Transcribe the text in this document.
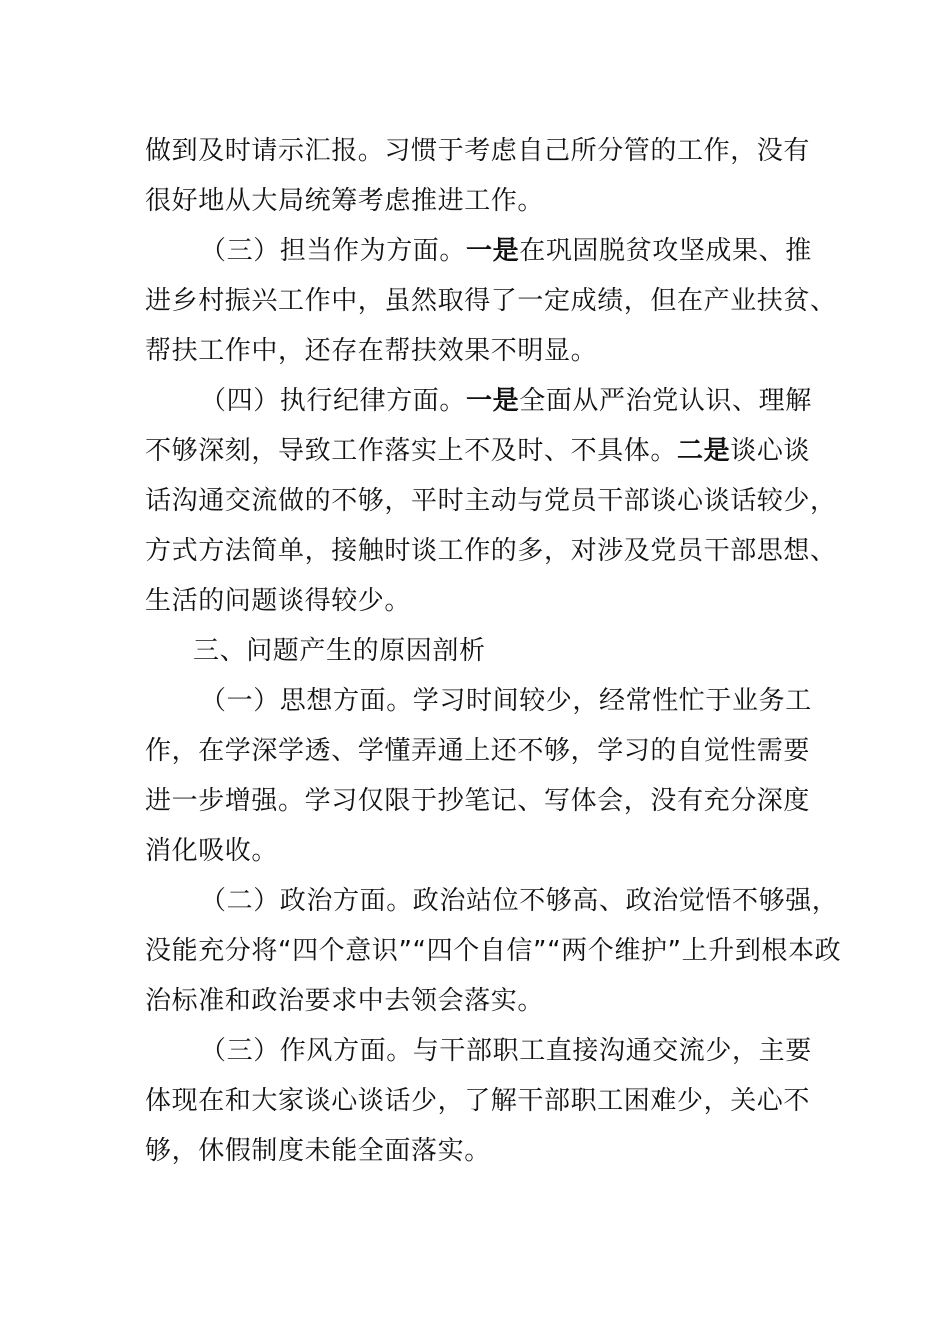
做到及时请示汇报。习惯于考虑自己所分管的工作，没有
很好地从大局统筹考虑推进工作。
（三）担当作为方面。一是在巩固脱贫攻坚成果、推
进乡村振兴工作中，虽然取得了一定成绩，但在产业扶贫、
帮扶工作中，还存在帮扶效果不明显。
（四）执行纪律方面。一是全面从严治党认识、理解
不够深刻，导致工作落实上不及时、不具体。二是谈心谈
话沟通交流做的不够，平时主动与党员干部谈心谈话较少，
方式方法简单，接触时谈工作的多，对涉及党员干部思想、
生活的问题谈得较少。
三、问题产生的原因剖析
（一）思想方面。学习时间较少，经常性忙于业务工
作，在学深学透、学懂弄通上还不够，学习的自觉性需要
进一步增强。学习仅限于抄笔记、写体会，没有充分深度
消化吸收。
（二）政治方面。政治站位不够高、政治觉悟不够强，
没能充分将“四个意识”“四个自信”“两个维护”上升到根本政
治标准和政治要求中去领会落实。
（三）作风方面。与干部职工直接沟通交流少，主要
体现在和大家谈心谈话少，了解干部职工困难少，关心不
够，休假制度未能全面落实。
